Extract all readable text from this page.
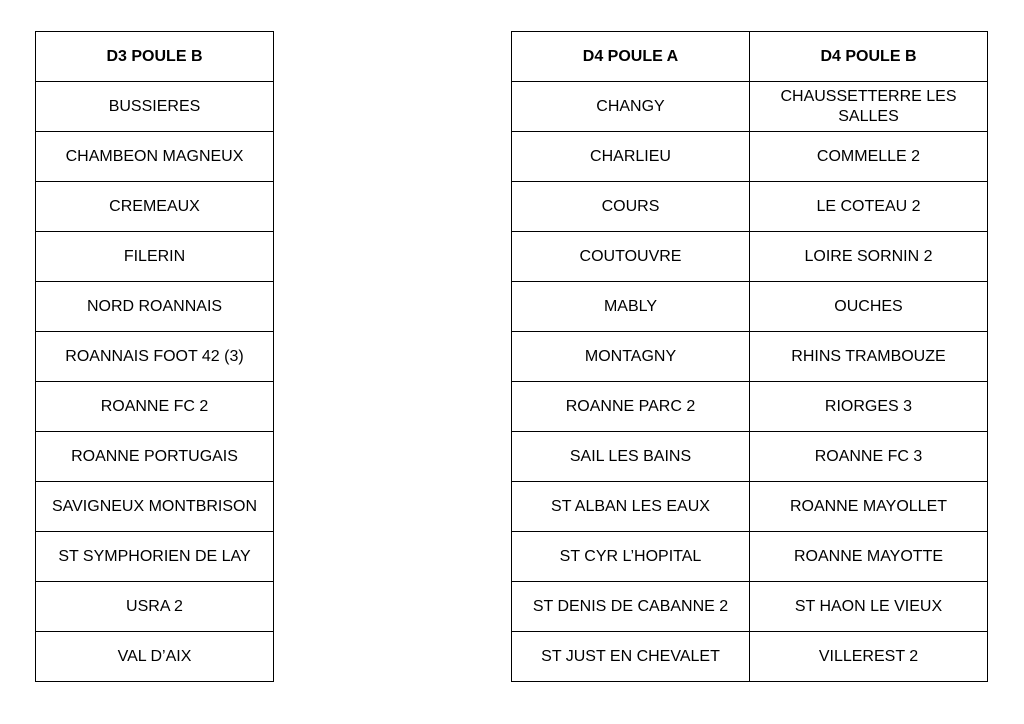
D3 POULE B
BUSSIERES
CHAMBEON MAGNEUX
CREMEAUX
FILERIN
NORD ROANNAIS
ROANNAIS FOOT 42 (3)
ROANNE FC 2
ROANNE PORTUGAIS
SAVIGNEUX MONTBRISON
ST SYMPHORIEN DE LAY
USRA 2
VAL D’AIX
D4 POULE A	D4 POULE B
CHANGY	CHAUSSETTERRE LES SALLES
CHARLIEU	COMMELLE 2
COURS	LE COTEAU 2
COUTOUVRE	LOIRE SORNIN 2
MABLY	OUCHES
MONTAGNY	RHINS TRAMBOUZE
ROANNE PARC 2	RIORGES 3
SAIL LES BAINS	ROANNE FC 3
ST ALBAN LES EAUX	ROANNE MAYOLLET
ST CYR L’HOPITAL	ROANNE MAYOTTE
ST DENIS DE CABANNE 2	ST HAON LE VIEUX
ST JUST EN CHEVALET	VILLEREST 2
